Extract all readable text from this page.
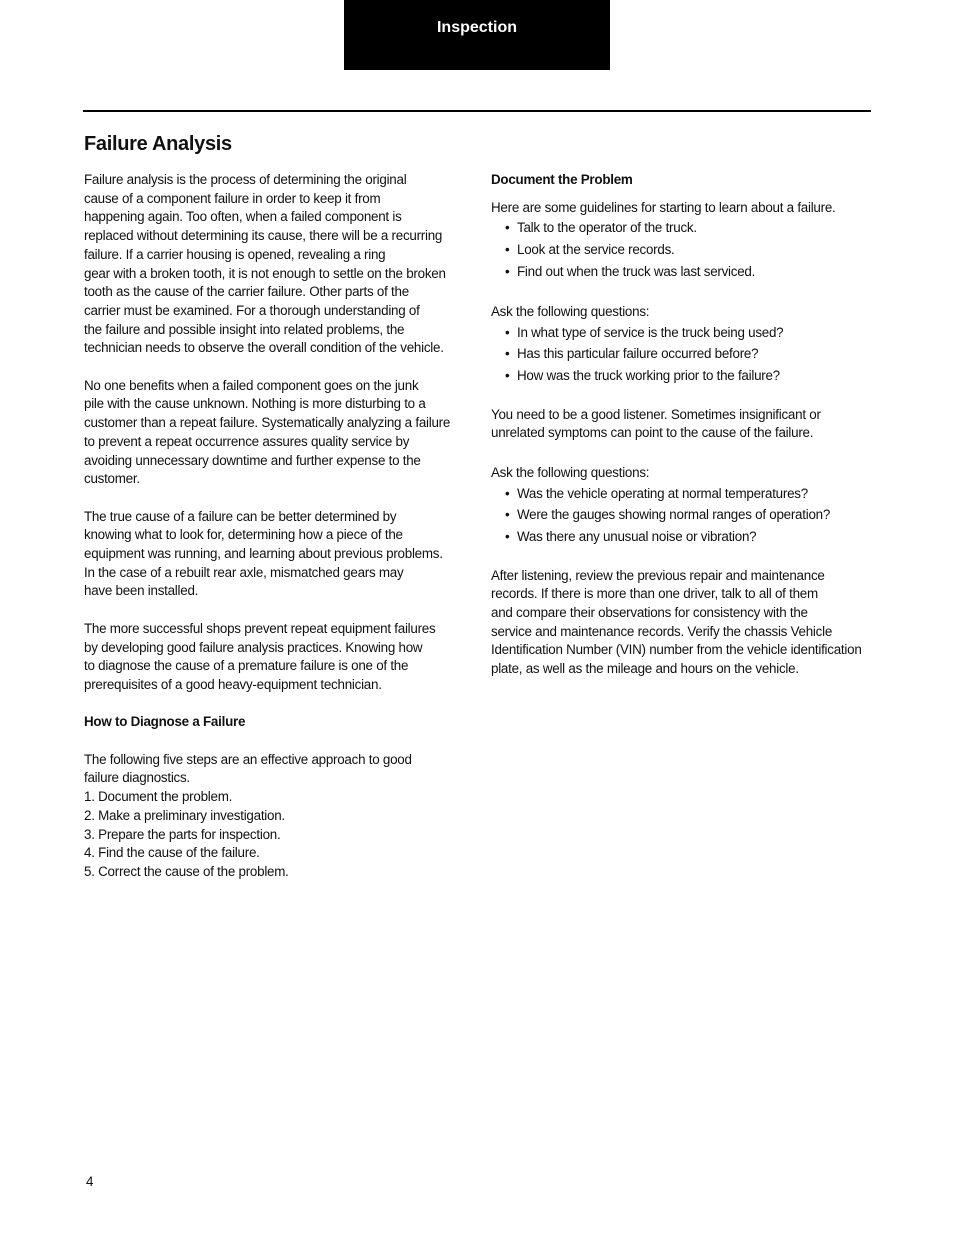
Inspection
Failure Analysis

Failure analysis is the process of determining the original

cause of a component failure in order to keep it from

happening again. Too often, when a failed component is

replaced without determining its cause, there will be a recurring

failure. If a carrier housing is opened, revealing a ring

gear with a broken tooth, it is not enough to settle on the broken

tooth as the cause of the carrier failure. Other parts of the

carrier must be examined. For a thorough understanding of

the failure and possible insight into related problems, the

technician needs to observe the overall condition of the vehicle.

No one benefits when a failed component goes on the junk

pile with the cause unknown. Nothing is more disturbing to a

customer than a repeat failure. Systematically analyzing a failure

to prevent a repeat occurrence assures quality service by

avoiding unnecessary downtime and further expense to the

customer.

The true cause of a failure can be better determined by

knowing what to look for, determining how a piece of the

equipment was running, and learning about previous problems.

In the case of a rebuilt rear axle, mismatched gears may

have been installed.

The more successful shops prevent repeat equipment failures

by developing good failure analysis practices. Knowing how

to diagnose the cause of a premature failure is one of the

prerequisites of a good heavy-equipment technician.

How to Diagnose a Failure

The following five steps are an effective approach to good

failure diagnostics.

1. Document the problem.
2. Make a preliminary investigation.
3. Prepare the parts for inspection.
4. Find the cause of the failure.
5. Correct the cause of the problem.

Document the Problem

Here are some guidelines for starting to learn about a failure.

• Talk to the operator of the truck.
• Look at the service records.
• Find out when the truck was last serviced.

Ask the following questions:

• In what type of service is the truck being used?
• Has this particular failure occurred before?
• How was the truck working prior to the failure?

You need to be a good listener. Sometimes insignificant or

unrelated symptoms can point to the cause of the failure.

Ask the following questions:

• Was the vehicle operating at normal temperatures?
• Were the gauges showing normal ranges of operation?
• Was there any unusual noise or vibration?

After listening, review the previous repair and maintenance

records. If there is more than one driver, talk to all of them

and compare their observations for consistency with the

service and maintenance records. Verify the chassis Vehicle

Identification Number (VIN) number from the vehicle identification

plate, as well as the mileage and hours on the vehicle.

4
